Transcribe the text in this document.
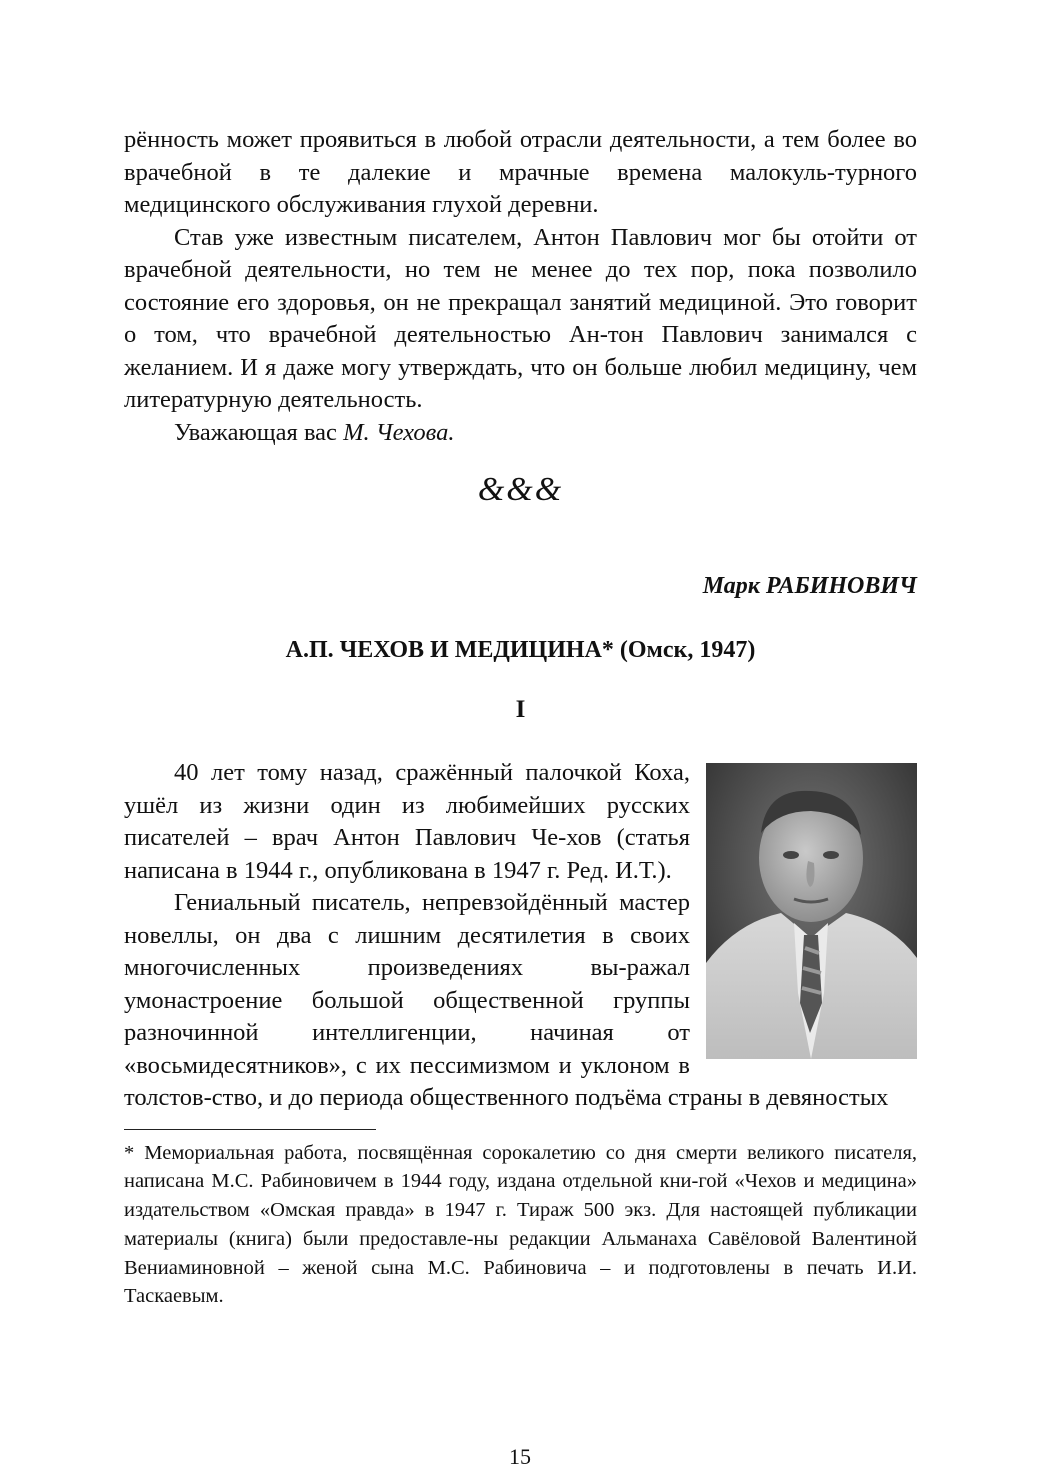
рённость может проявиться в любой отрасли деятельности, а тем более во врачебной в те далекие и мрачные времена малокуль-турного медицинского обслуживания глухой деревни.

Став уже известным писателем, Антон Павлович мог бы отойти от врачебной деятельности, но тем не менее до тех пор, пока позволило состояние его здоровья, он не прекращал занятий медициной. Это говорит о том, что врачебной деятельностью Ан-тон Павлович занимался с желанием. И я даже могу утверждать, что он больше любил медицину, чем литературную деятельность.

Уважающая вас М. Чехова.

&&&
Марк РАБИНОВИЧ
А.П. ЧЕХОВ И МЕДИЦИНА* (Омск, 1947)
I

40 лет тому назад, сражённый палочкой Коха, ушёл из жизни один из любимейших русских писателей – врач Антон Павлович Че-хов (статья написана в 1944 г., опубликована в 1947 г. Ред. И.Т.).

Гениальный писатель, непревзойдённый мастер новеллы, он два с лишним десятилетия в своих многочисленных произведениях вы-ражал умонастроение большой общественной группы разночинной интеллигенции, начиная от «восьмидесятников», с их пессимизмом и уклоном в толстов-ство, и до периода общественного подъёма страны в девяностых

* Мемориальная работа, посвящённая сорокалетию со дня смерти великого писателя, написана М.С. Рабиновичем в 1944 году, издана отдельной кни-гой «Чехов и медицина» издательством «Омская правда» в 1947 г. Тираж 500 экз. Для настоящей публикации материалы (книга) были предоставле-ны редакции Альманаха Савёловой Валентиной Вениаминовной – женой сына М.С. Рабиновича – и подготовлены в печать И.И. Таскаевым.

15
